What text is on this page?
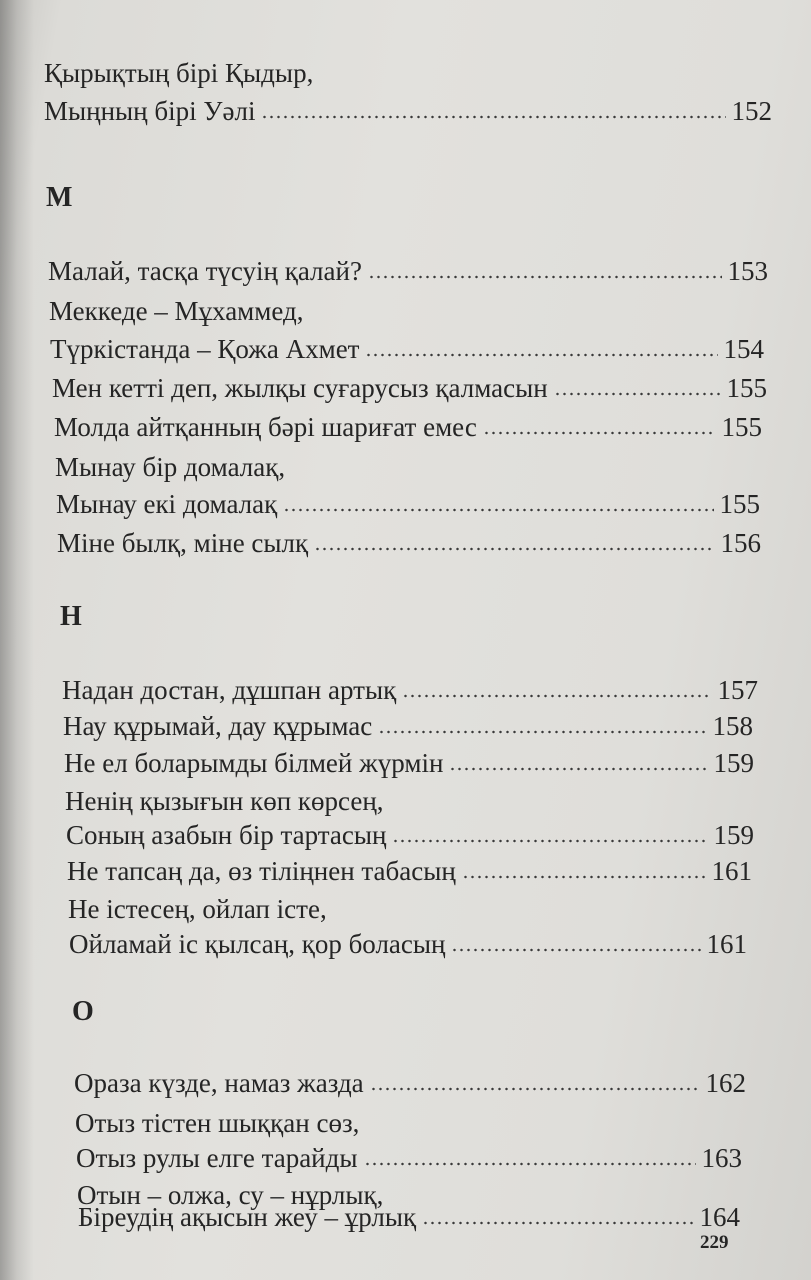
Қырықтың бірі Қыдыр,
Мыңның бірі Уәлі	152
М
Малай, тасқа түсуің қалай?	153
Меккеде – Мұхаммед,
Түркістанда – Қожа Ахмет	154
Мен кетті деп, жылқы суғарусыз қалмасын	155
Молда айтқанның бәрі шариғат емес	155
Мынау бір домалақ,
Мынау екі домалақ	155
Міне былқ, міне сылқ	156
Н
Надан достан, дұшпан артық	157
Нау құрымай, дау құрымас	158
Не ел боларымды білмей жүрмін	159
Ненің қызығын көп көрсең,
Соның азабын бір тартасың	159
Не тапсаң да, өз тіліңнен табасың	161
Не істесең, ойлап істе,
Ойламай іс қылсаң, қор боласың	161
О
Ораза күзде, намаз жазда	162
Отыз тістен шыққан сөз,
Отыз рулы елге тарайды	163
Отын – олжа, су – нұрлық,
Біреудің ақысын жеу – ұрлық	164
229
